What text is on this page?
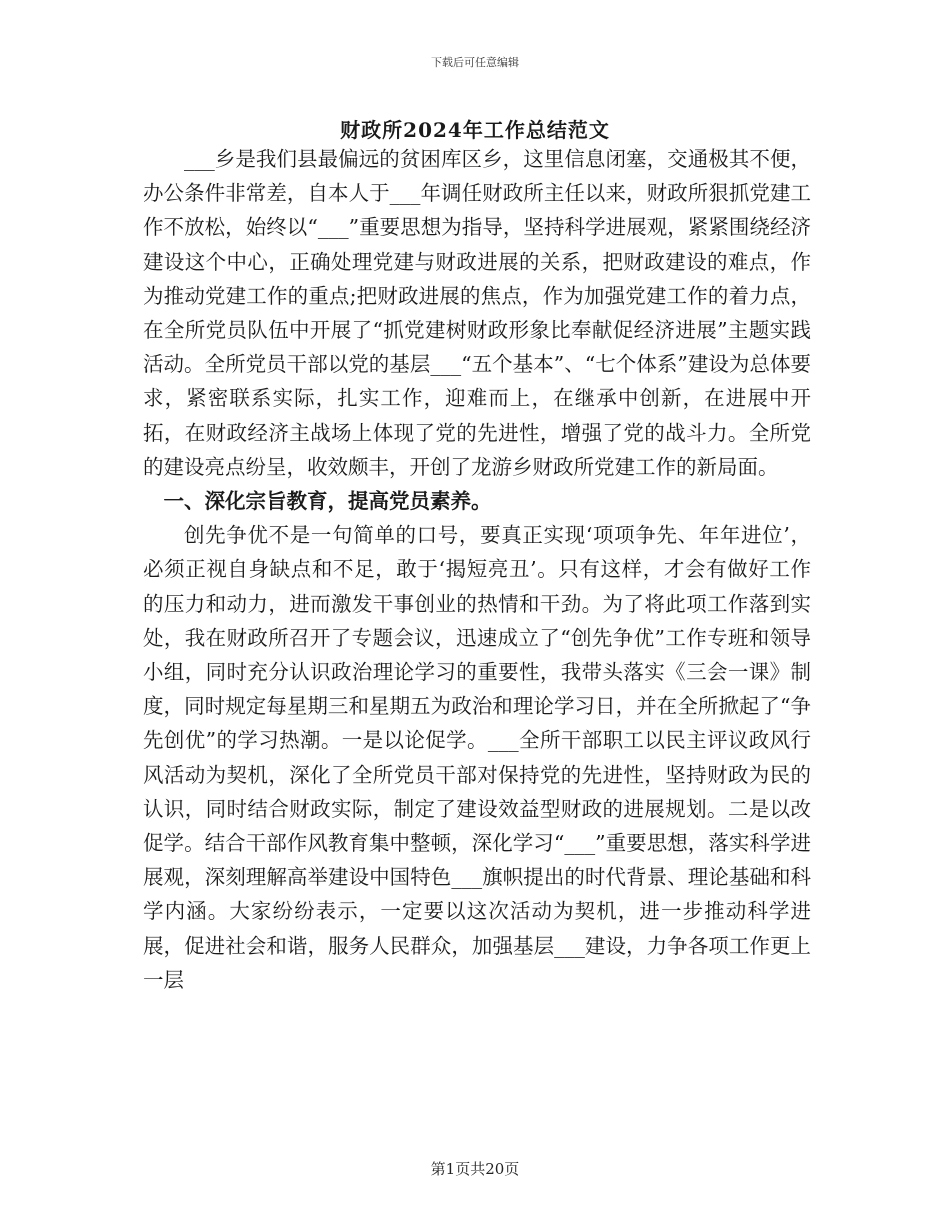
下载后可任意编辑
财政所2024年工作总结范文

___乡是我们县最偏远的贫困库区乡，这里信息闭塞，交通极其不便，办公条件非常差，自本人于___年调任财政所主任以来，财政所狠抓党建工作不放松，始终以“___”重要思想为指导，坚持科学进展观，紧紧围绕经济建设这个中心，正确处理党建与财政进展的关系，把财政建设的难点，作为推动党建工作的重点;把财政进展的焦点，作为加强党建工作的着力点，在全所党员队伍中开展了“抓党建树财政形象比奉献促经济进展”主题实践活动。全所党员干部以党的基层___“五个基本”、“七个体系”建设为总体要求，紧密联系实际，扎实工作，迎难而上，在继承中创新，在进展中开拓，在财政经济主战场上体现了党的先进性，增强了党的战斗力。全所党的建设亮点纷呈，收效颇丰，开创了龙游乡财政所党建工作的新局面。

一、深化宗旨教育，提高党员素养。

创先争优不是一句简单的口号，要真正实现‘项项争先、年年进位’，必须正视自身缺点和不足，敢于‘揭短亮丑’。只有这样，才会有做好工作的压力和动力，进而激发干事创业的热情和干劲。为了将此项工作落到实处，我在财政所召开了专题会议，迅速成立了“创先争优”工作专班和领导小组，同时充分认识政治理论学习的重要性，我带头落实《三会一课》制度，同时规定每星期三和星期五为政治和理论学习日，并在全所掀起了“争先创优”的学习热潮。一是以论促学。___全所干部职工以民主评议政风行风活动为契机，深化了全所党员干部对保持党的先进性，坚持财政为民的认识，同时结合财政实际，制定了建设效益型财政的进展规划。二是以改促学。结合干部作风教育集中整顿，深化学习“___”重要思想，落实科学进展观，深刻理解高举建设中国特色___旗帜提出的时代背景、理论基础和科学内涵。大家纷纷表示，一定要以这次活动为契机，进一步推动科学进展，促进社会和谐，服务人民群众，加强基层___建设，力争各项工作更上一层

第1页共20页
